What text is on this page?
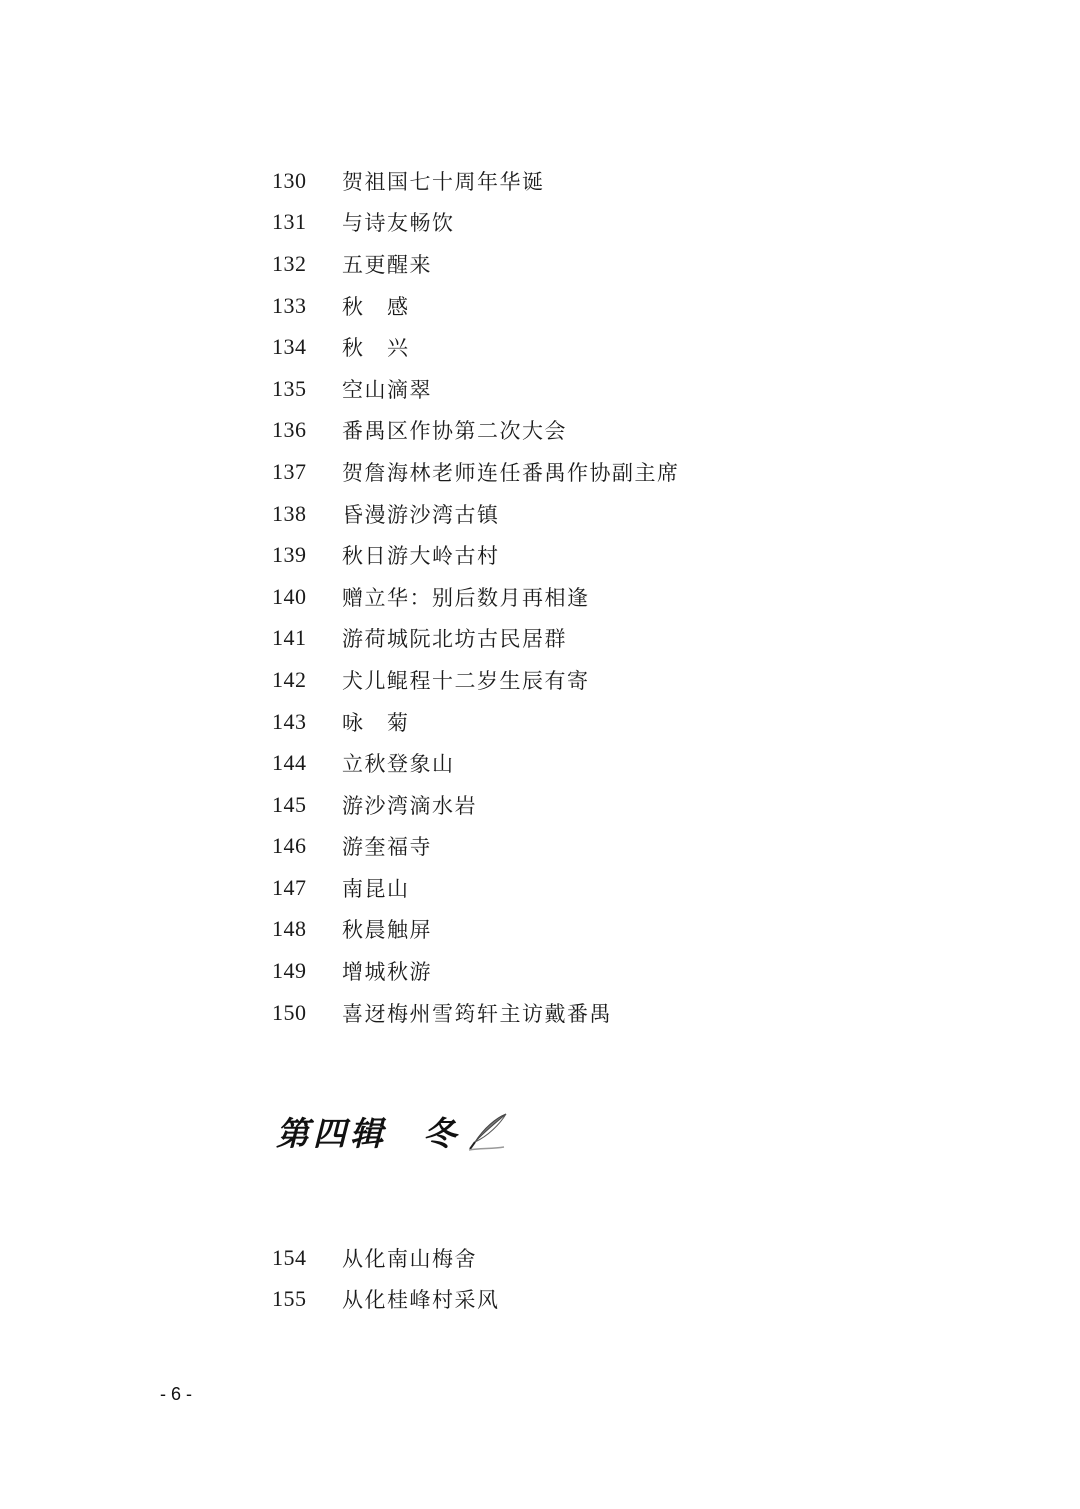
130	贺祖国七十周年华诞
131	与诗友畅饮
132	五更醒来
133	秋　感
134	秋　兴
135	空山滴翠
136	番禺区作协第二次大会
137	贺詹海林老师连任番禺作协副主席
138	昏漫游沙湾古镇
139	秋日游大岭古村
140	赠立华：别后数月再相逢
141	游荷城阮北坊古民居群
142	犬儿鲲程十二岁生辰有寄
143	咏　菊
144	立秋登象山
145	游沙湾滴水岩
146	游奎福寺
147	南昆山
148	秋晨触屏
149	增城秋游
150	喜迓梅州雪筠轩主访戴番禺
第四辑 冬
154	从化南山梅舍
155	从化桂峰村采风
- 6 -
